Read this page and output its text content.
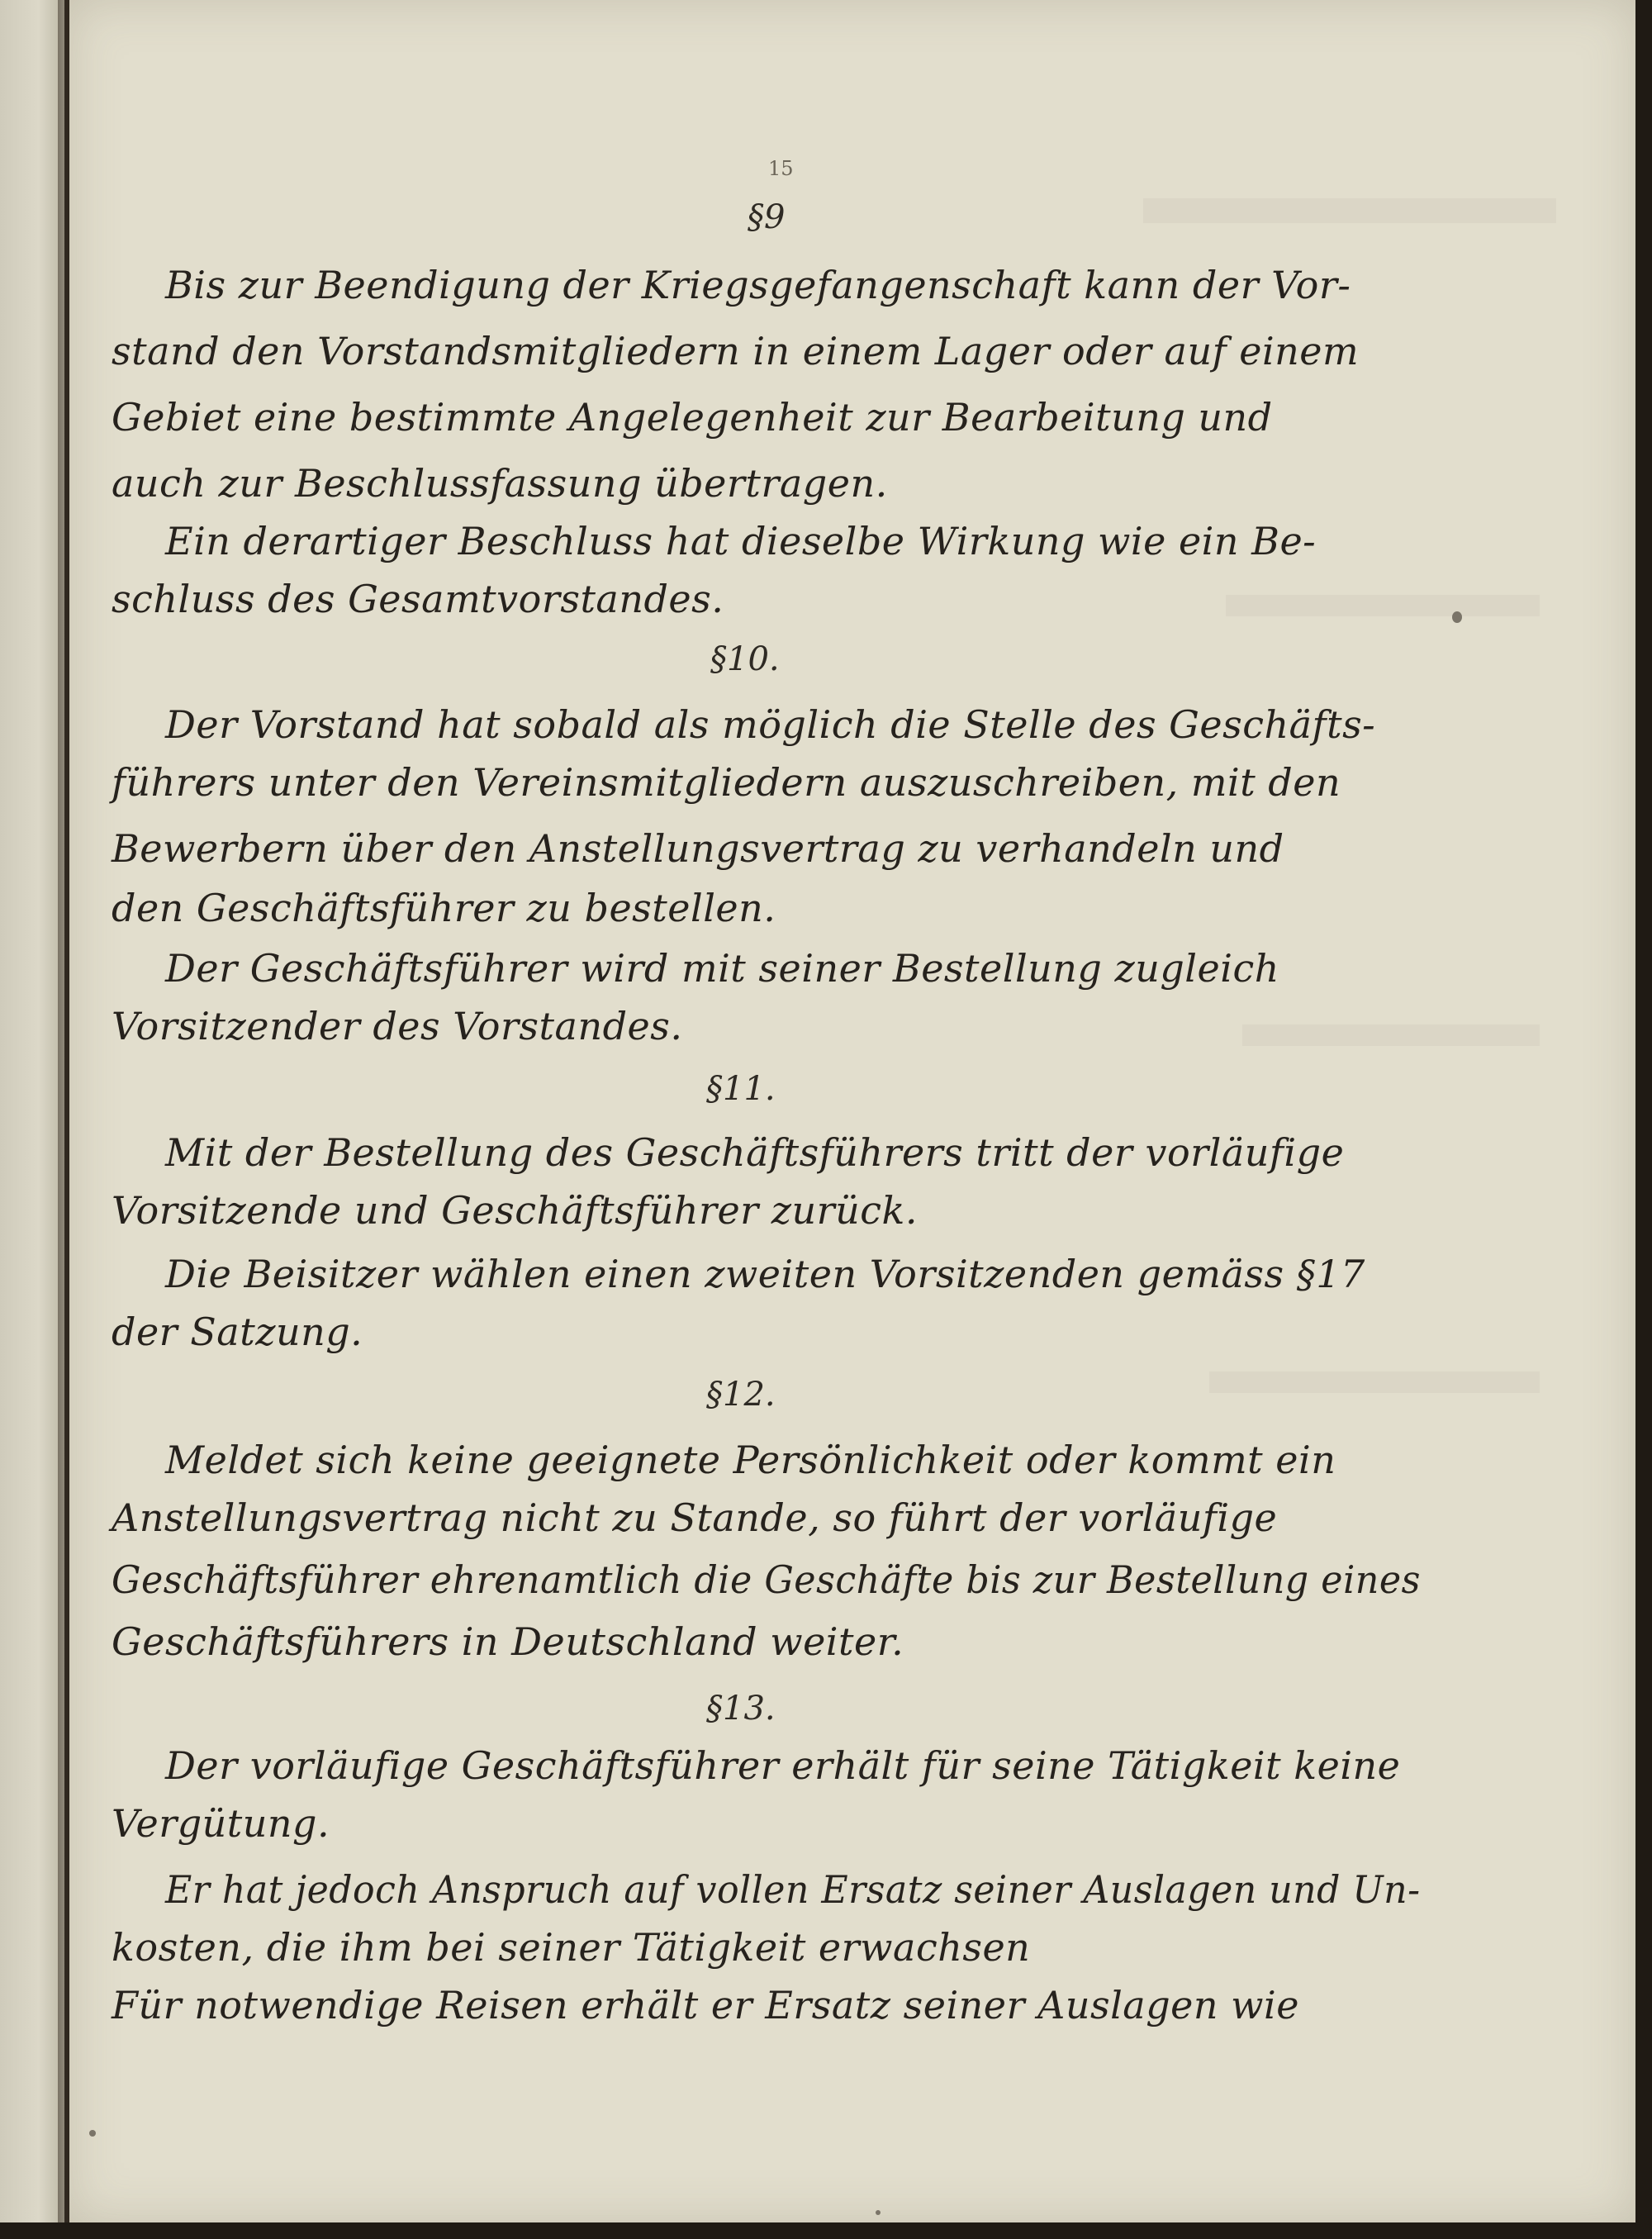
15
§9
Bis zur Beendigung der Kriegsgefangenschaft kann der Vor-
stand den Vorstandsmitgliedern in einem Lager oder auf einem
Gebiet eine bestimmte Angelegenheit zur Bearbeitung und
auch zur Beschlussfassung übertragen.
Ein derartiger Beschluss hat dieselbe Wirkung wie ein Be-
schluss des Gesamtvorstandes.
§10.
Der Vorstand hat sobald als möglich die Stelle des Geschäfts-
führers unter den Vereinsmitgliedern auszuschreiben, mit den
Bewerbern über den Anstellungsvertrag zu verhandeln und
den Geschäftsführer zu bestellen.
Der Geschäftsführer wird mit seiner Bestellung zugleich
Vorsitzender des Vorstandes.
§11.
Mit der Bestellung des Geschäftsführers tritt der vorläufige
Vorsitzende und Geschäftsführer zurück.
Die Beisitzer wählen einen zweiten Vorsitzenden gemäss §17
der Satzung.
§12.
Meldet sich keine geeignete Persönlichkeit oder kommt ein
Anstellungsvertrag nicht zu Stande, so führt der vorläufige
Geschäftsführer ehrenamtlich die Geschäfte bis zur Bestellung eines
Geschäftsführers in Deutschland weiter.
§13.
Der vorläufige Geschäftsführer erhält für seine Tätigkeit keine
Vergütung.
Er hat jedoch Anspruch auf vollen Ersatz seiner Auslagen und Un-
kosten, die ihm bei seiner Tätigkeit erwachsen
Für notwendige Reisen erhält er Ersatz seiner Auslagen wie
